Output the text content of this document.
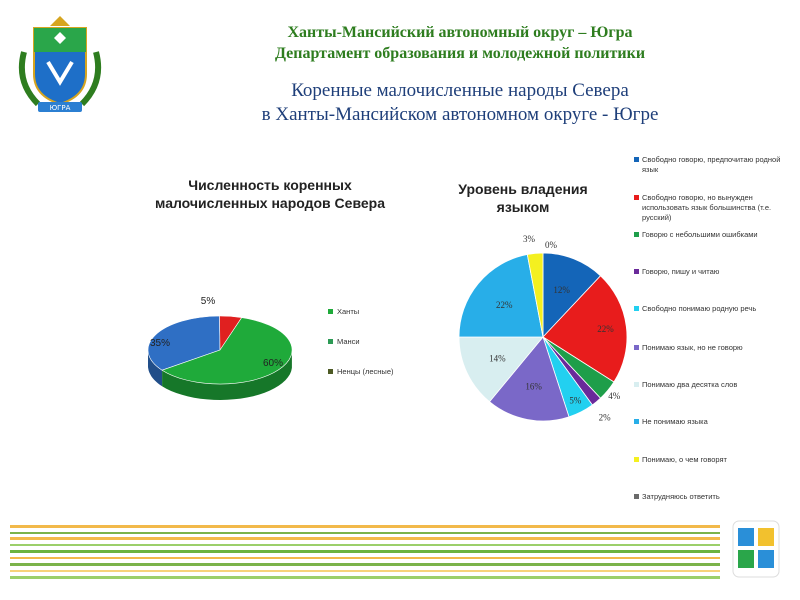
ЮГРА
Ханты-Мансийский автономный округ – Югра
Департамент образования и молодежной политики
Коренные малочисленные народы Севера
в Ханты-Мансийском автономном округе - Югре
Численность коренных малочисленных народов Севера
Уровень владения языком
60%
35%
5%
Ханты
Манси
Ненцы (лесные)
12%
22%
4%
2%
5%
16%
14%
22%
3%
0%
Свободно говорю, предпочитаю родной язык
Свободно говорю, но вынужден использовать язык большинства (т.е. русский)
Говорю с небольшими ошибками
Говорю, пишу и читаю
Свободно понимаю родную речь
Понимаю язык, но не говорю
Понимаю два десятка слов
Не понимаю языка
Понимаю, о чем говорят
Затрудняюсь ответить
